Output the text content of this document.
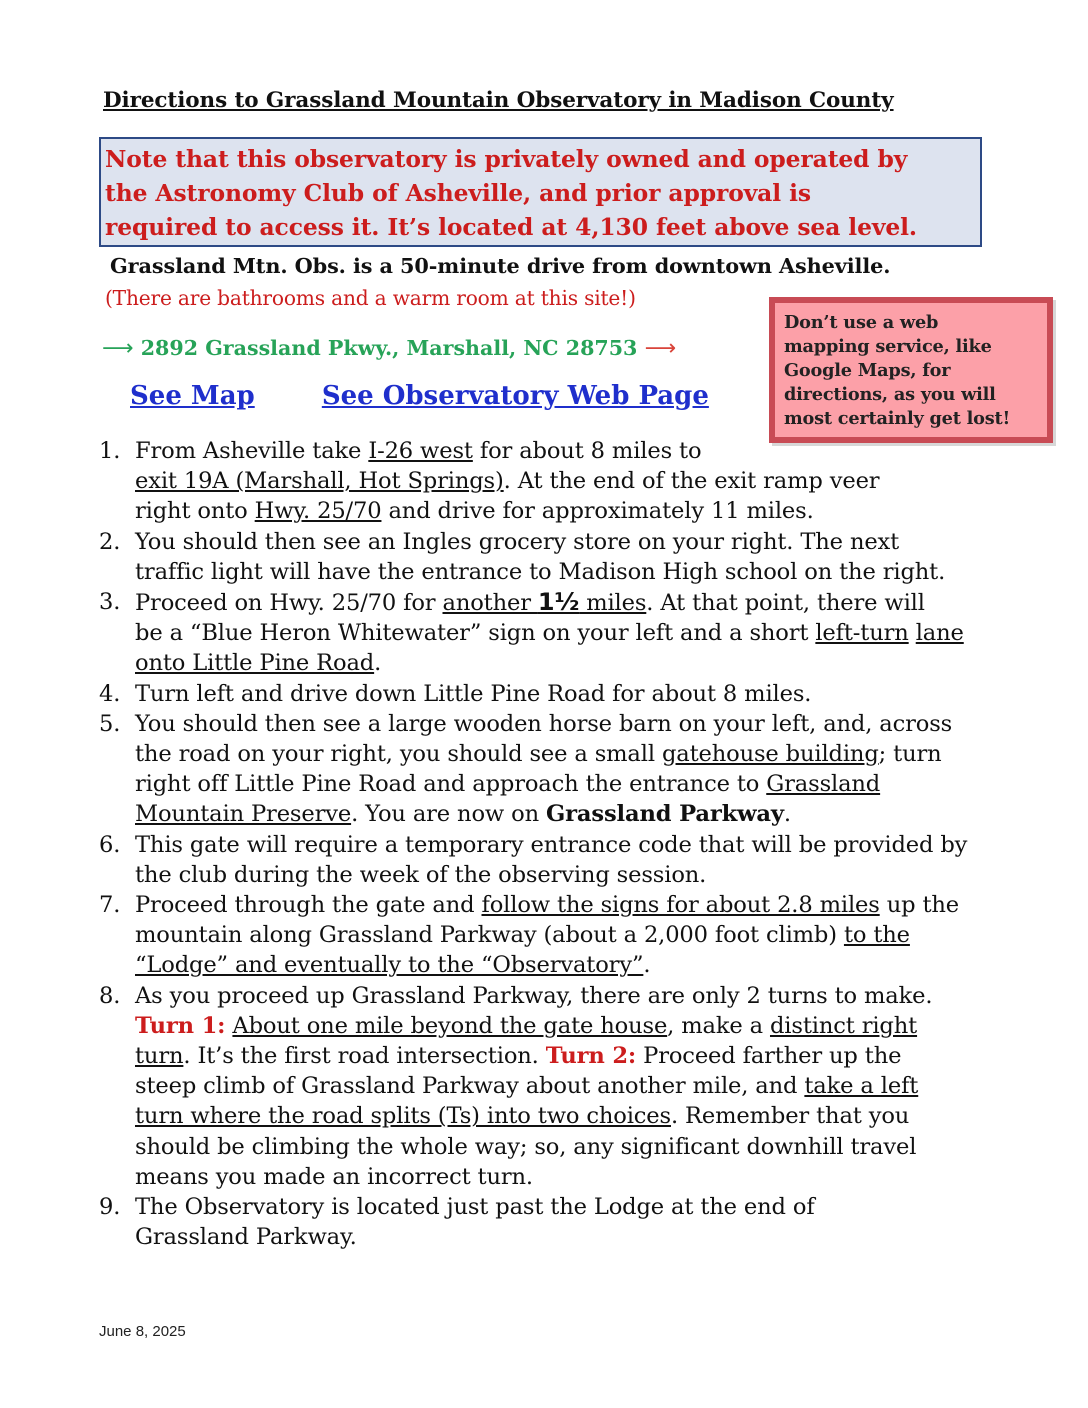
Directions to Grassland Mountain Observatory in Madison County
Note that this observatory is privately owned and operated by
the Astronomy Club of Asheville, and prior approval is
required to access it. It’s located at 4,130 feet above sea level.

Grassland Mtn. Obs. is a 50-minute drive from downtown Asheville.

(There are bathrooms and a warm room at this site!)
Don’t use a web
mapping service, like
Google Maps, for
directions, as you will
most certainly get lost!
⟶ 2892 Grassland Pkwy., Marshall, NC 28753 ⟶
See Map	See Observatory Web Page
1. From Asheville take I-26 west for about 8 miles to
exit 19A (Marshall, Hot Springs). At the end of the exit ramp veer
right onto Hwy. 25/70 and drive for approximately 11 miles.
2. You should then see an Ingles grocery store on your right. The next
traffic light will have the entrance to Madison High school on the right.
3. Proceed on Hwy. 25/70 for another 1½ miles. At that point, there will
be a “Blue Heron Whitewater” sign on your left and a short left-turn lane
onto Little Pine Road.
4. Turn left and drive down Little Pine Road for about 8 miles.
5. You should then see a large wooden horse barn on your left, and, across
the road on your right, you should see a small gatehouse building; turn
right off Little Pine Road and approach the entrance to Grassland
Mountain Preserve. You are now on Grassland Parkway.
6. This gate will require a temporary entrance code that will be provided by
the club during the week of the observing session.
7. Proceed through the gate and follow the signs for about 2.8 miles up the
mountain along Grassland Parkway (about a 2,000 foot climb) to the
“Lodge” and eventually to the “Observatory”.
8. As you proceed up Grassland Parkway, there are only 2 turns to make.
Turn 1: About one mile beyond the gate house, make a distinct right
turn. It’s the first road intersection. Turn 2: Proceed farther up the
steep climb of Grassland Parkway about another mile, and take a left
turn where the road splits (Ts) into two choices. Remember that you
should be climbing the whole way; so, any significant downhill travel
means you made an incorrect turn.
9. The Observatory is located just past the Lodge at the end of
Grassland Parkway.
June 8, 2025
